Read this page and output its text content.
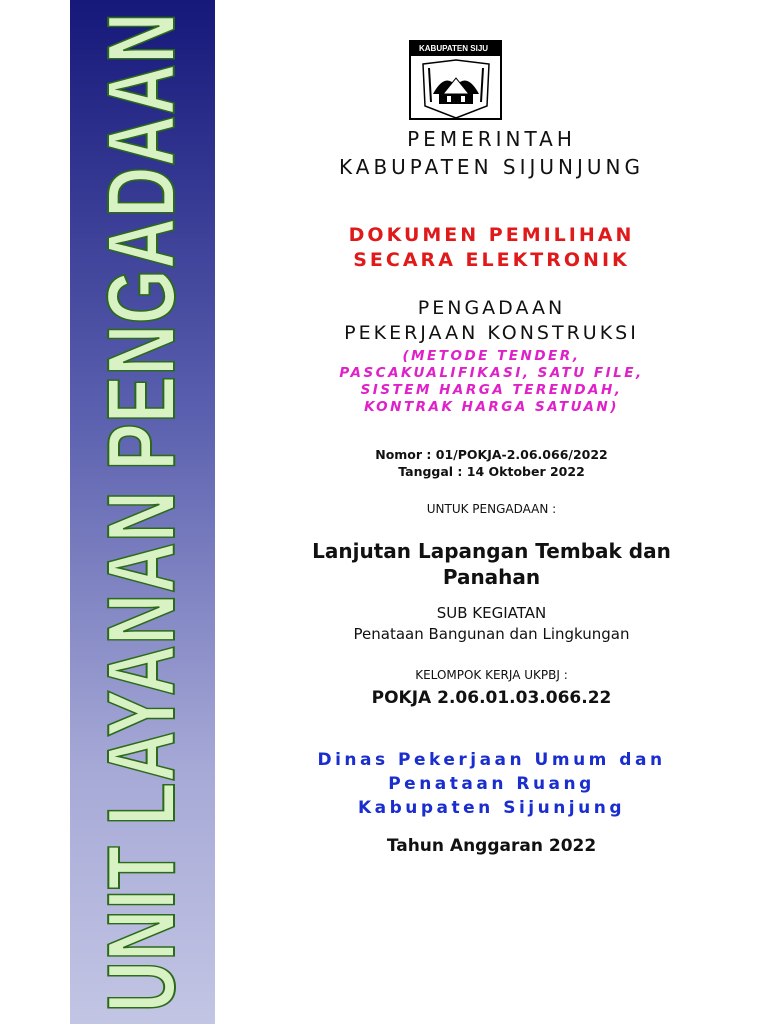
UNIT LAYANAN PENGADAAN	KABUPATEN SIJU
PEMERINTAH
KABUPATEN SIJUNJUNG
DOKUMEN PEMILIHAN
SECARA ELEKTRONIK
PENGADAAN
PEKERJAAN KONSTRUKSI
(METODE TENDER,
PASCAKUALIFIKASI, SATU FILE,
SISTEM HARGA TERENDAH,
KONTRAK HARGA SATUAN)
Nomor : 01/POKJA-2.06.066/2022
Tanggal : 14 Oktober 2022
UNTUK PENGADAAN :
Lanjutan Lapangan Tembak dan
Panahan
SUB KEGIATAN
Penataan Bangunan dan Lingkungan
KELOMPOK KERJA UKPBJ :
POKJA 2.06.01.03.066.22
Dinas Pekerjaan Umum dan
Penataan Ruang
Kabupaten Sijunjung
Tahun Anggaran 2022
